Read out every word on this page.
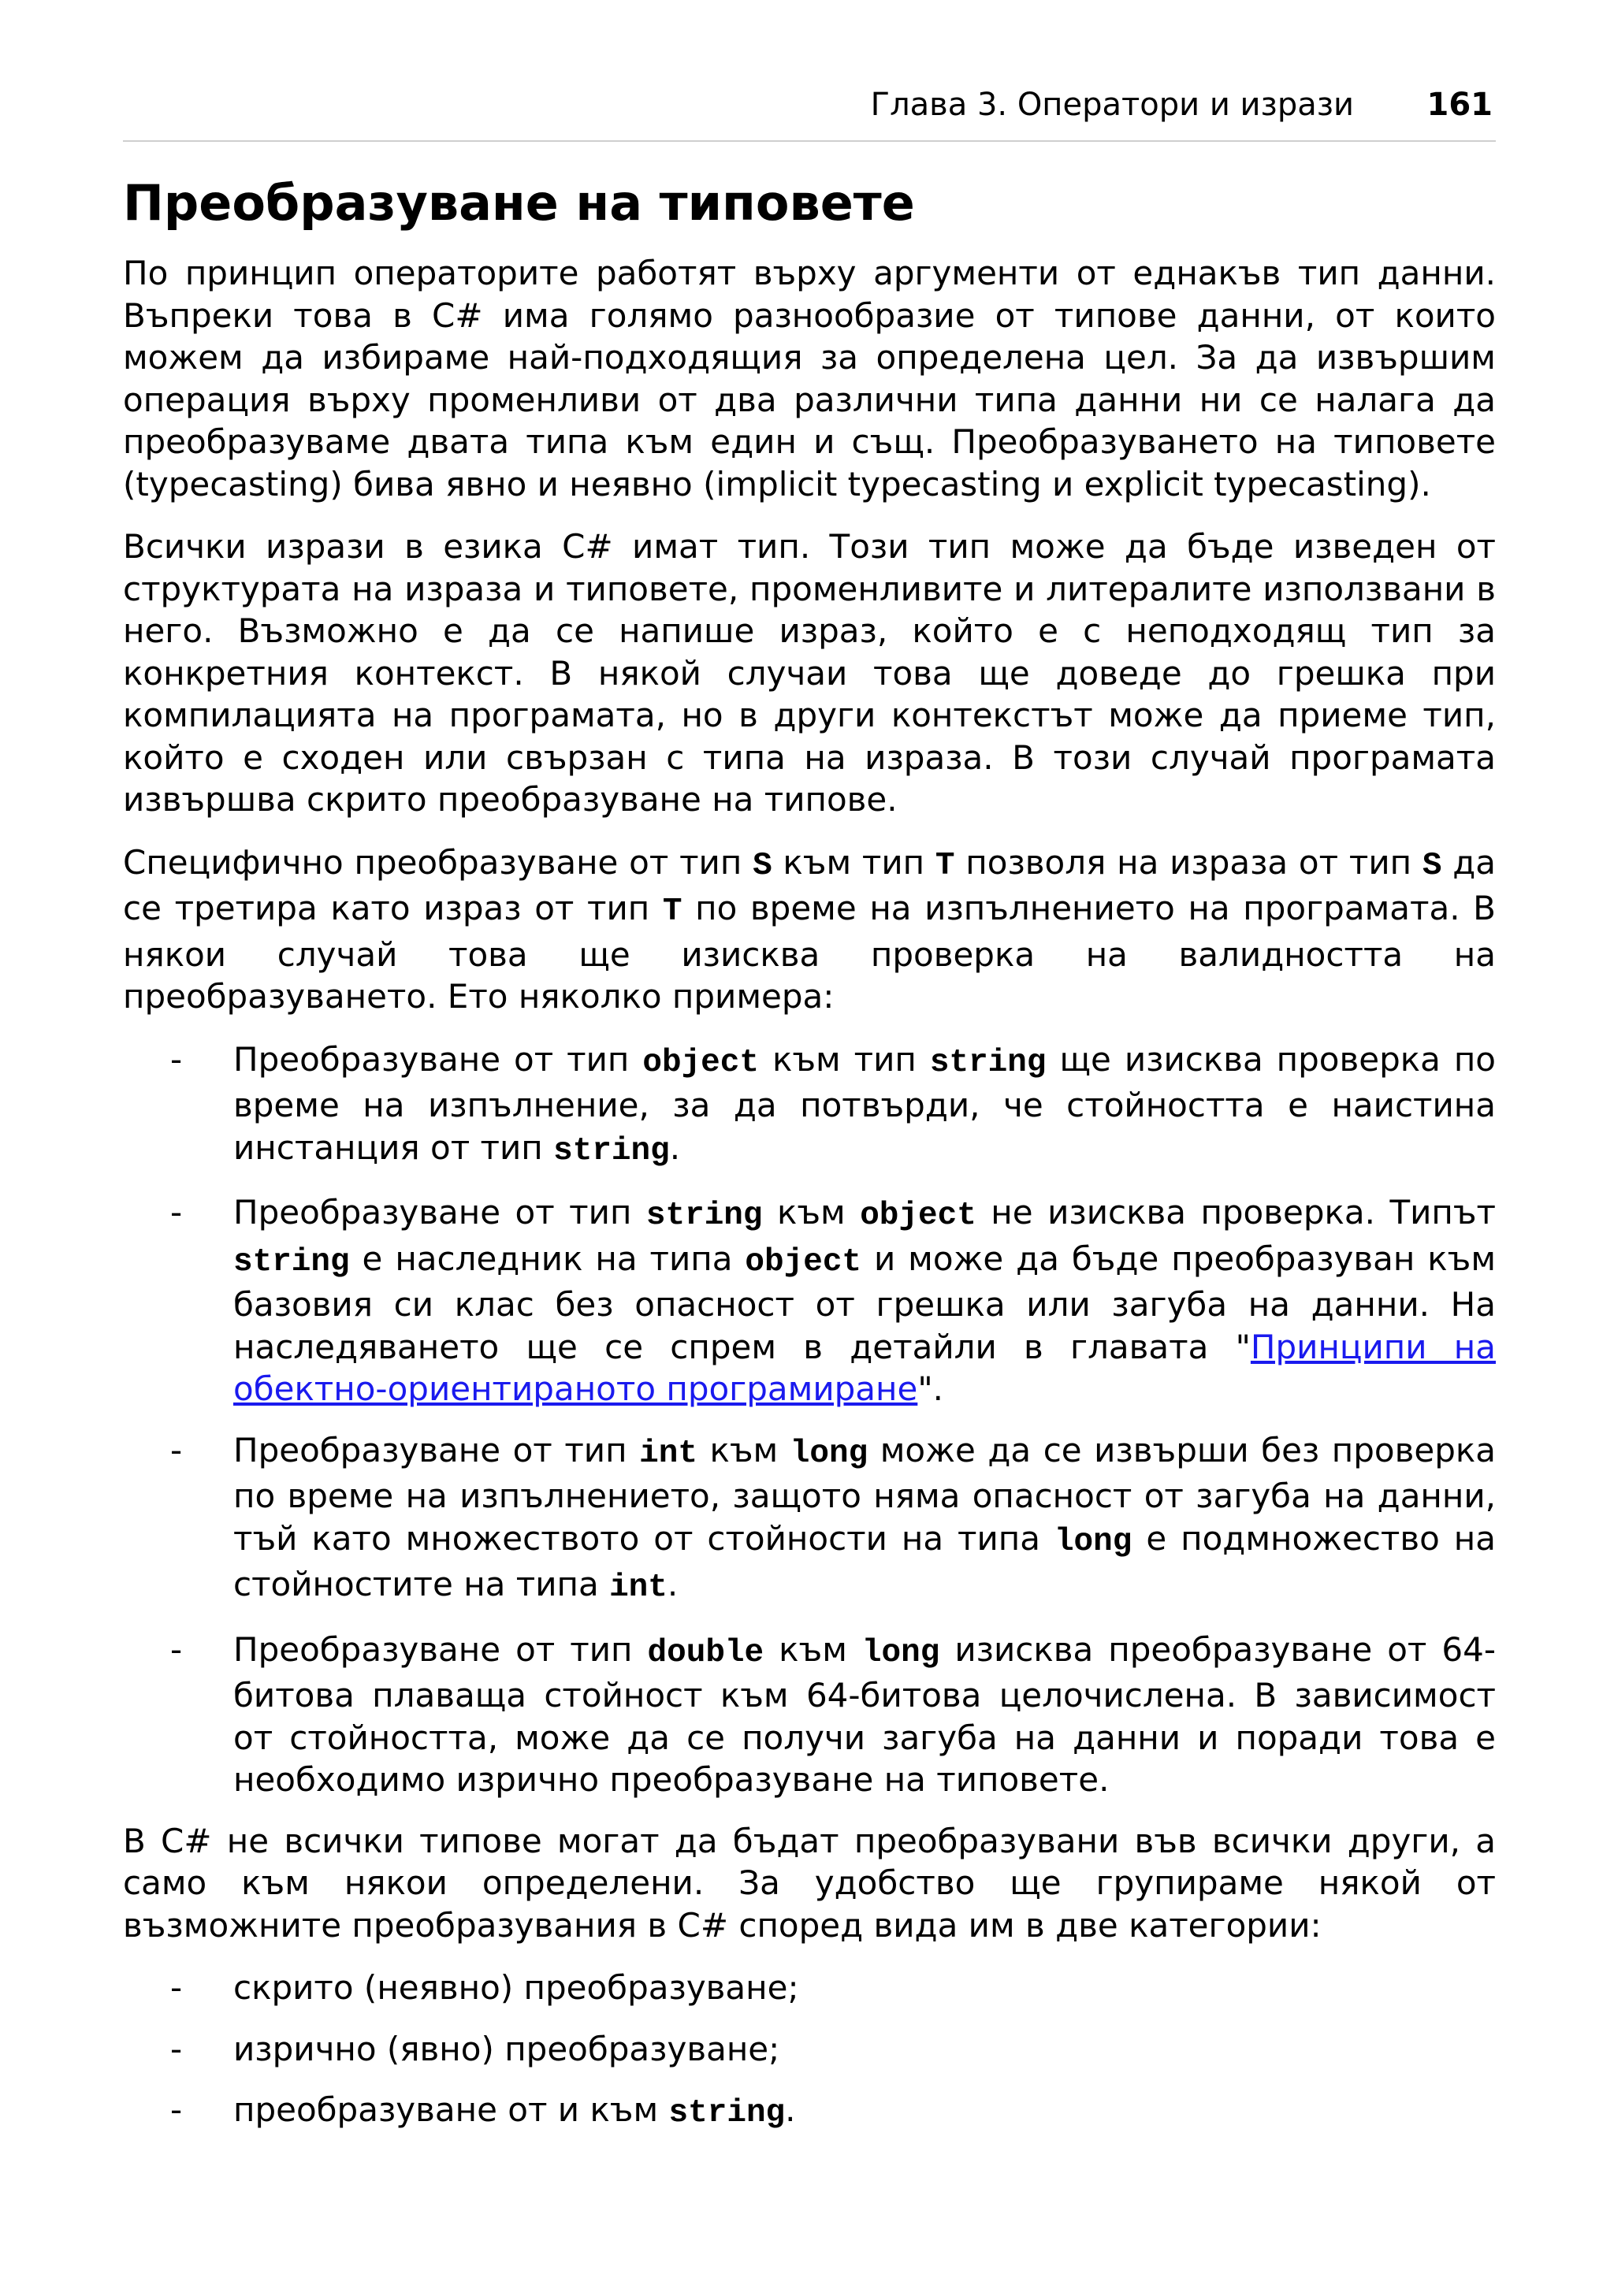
Глава 3. Оператори и изрази 161
Преобразуване на типовете

По принцип операторите работят върху аргументи от еднакъв тип данни. Въпреки това в C# има голямо разнообразие от типове данни, от които можем да избираме най-подходящия за определена цел. За да извършим операция върху променливи от два различни типа данни ни се налага да преобразуваме двата типа към един и същ. Преобразуването на типовете (typecasting) бива явно и неявно (implicit typecasting и explicit typecasting).

Всички изрази в езика C# имат тип. Този тип може да бъде изведен от структурата на израза и типовете, променливите и литералите използвани в него. Възможно е да се напише израз, който е с неподходящ тип за конкретния контекст. В някой случаи това ще доведе до грешка при компилацията на програмата, но в други контекстът може да приеме тип, който е сходен или свързан с типа на израза. В този случай програмата извършва скрито преобразуване на типове.

Специфично преобразуване от тип S към тип T позволя на израза от тип S да се третира като израз от тип T по време на изпълнението на програмата. В някои случай това ще изисква проверка на валидността на преобразуването. Ето няколко примера:

- Преобразуване от тип object към тип string ще изисква проверка по време на изпълнение, за да потвърди, че стойността е наистина инстанция от тип string.
- Преобразуване от тип string към object не изисква проверка. Типът string е наследник на типа object и може да бъде преобразуван към базовия си клас без опасност от грешка или загуба на данни. На наследяването ще се спрем в детайли в главата "Принципи на обектно-ориентираното програмиране".
- Преобразуване от тип int към long може да се извърши без проверка по време на изпълнението, защото няма опасност от загуба на данни, тъй като множеството от стойности на типа long е подмножество на стойностите на типа int.
- Преобразуване от тип double към long изисква преобразуване от 64-битова плаваща стойност към 64-битова целочислена. В зависимост от стойността, може да се получи загуба на данни и поради това е необходимо изрично преобразуване на типовете.

В C# не всички типове могат да бъдат преобразувани във всички други, а само към някои определени. За удобство ще групираме някой от възможните преобразувания в C# според вида им в две категории:

- скрито (неявно) преобразуване;
- изрично (явно) преобразуване;
- преобразуване от и към string.
